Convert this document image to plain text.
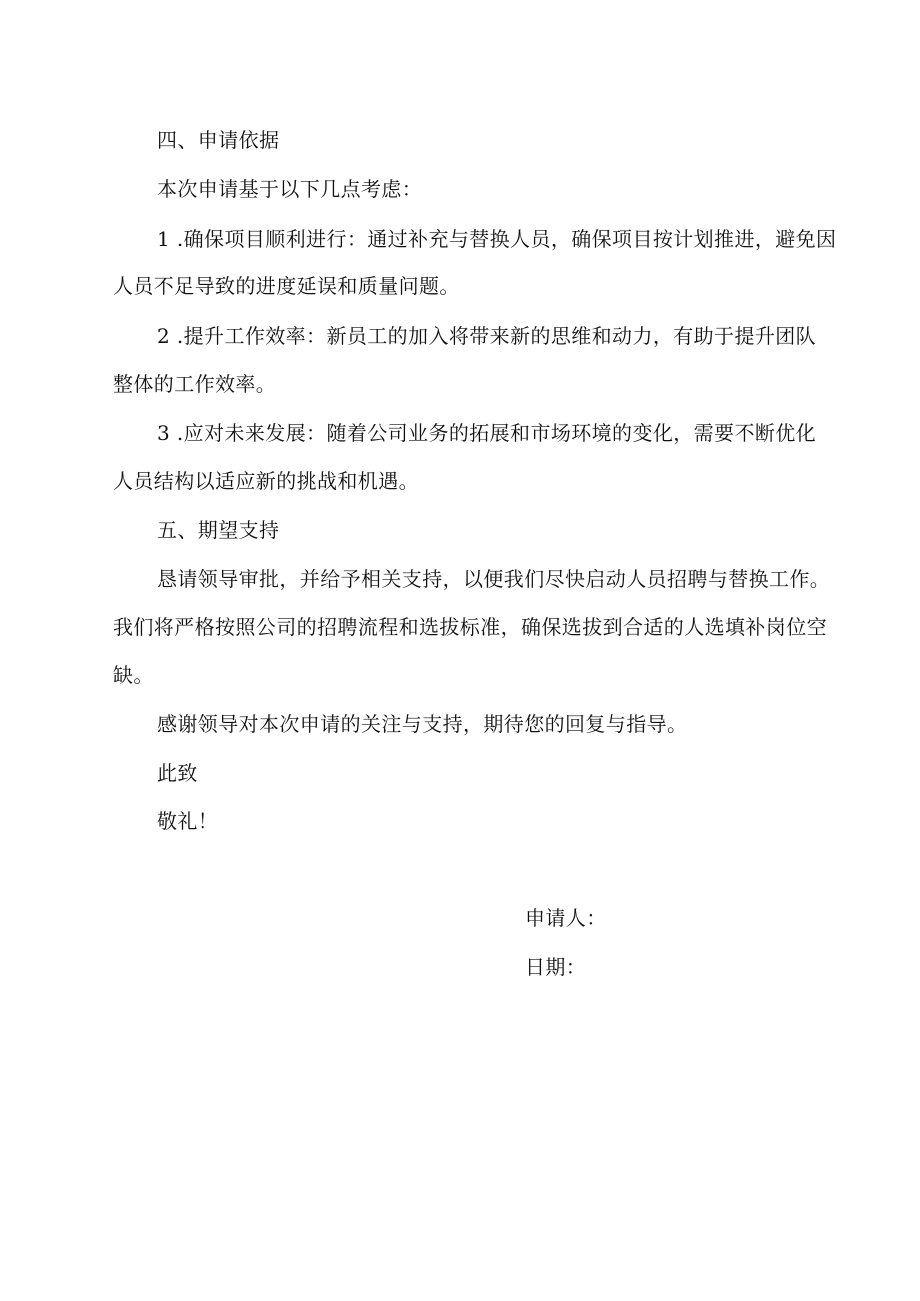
四、申请依据
本次申请基于以下几点考虑：
1 .确保项目顺利进行：通过补充与替换人员，确保项目按计划推进，避免因
人员不足导致的进度延误和质量问题。
2 .提升工作效率：新员工的加入将带来新的思维和动力，有助于提升团队
整体的工作效率。
3 .应对未来发展：随着公司业务的拓展和市场环境的变化，需要不断优化
人员结构以适应新的挑战和机遇。
五、期望支持
恳请领导审批，并给予相关支持，以便我们尽快启动人员招聘与替换工作。
我们将严格按照公司的招聘流程和选拔标准，确保选拔到合适的人选填补岗位空
缺。
感谢领导对本次申请的关注与支持，期待您的回复与指导。
此致
敬礼！
申请人：
日期：
